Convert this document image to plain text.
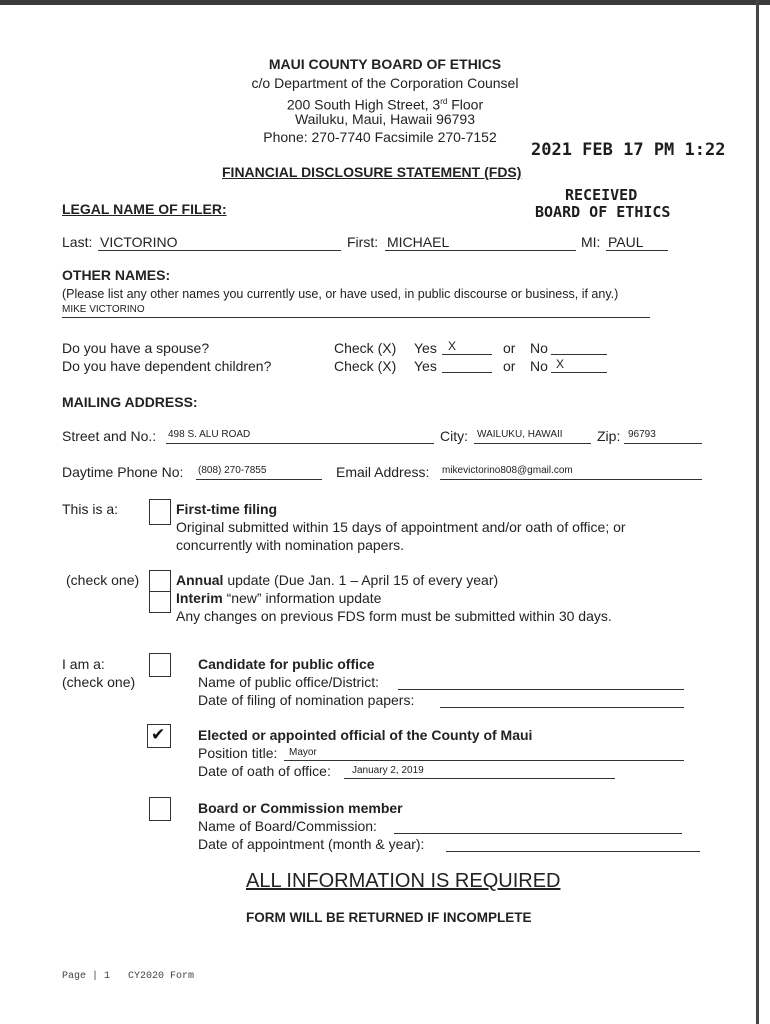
MAUI COUNTY BOARD OF ETHICS
c/o Department of the Corporation Counsel
200 South High Street, 3rd Floor
Wailuku, Maui, Hawaii 96793
Phone: 270-7740 Facsimile 270-7152
2021 FEB 17 PM 1:22
RECEIVED
BOARD OF ETHICS
FINANCIAL DISCLOSURE STATEMENT (FDS)
LEGAL NAME OF FILER:
Last: VICTORINO	First: MICHAEL	MI: PAUL
OTHER NAMES:
(Please list any other names you currently use, or have used, in public discourse or business, if any.)
MIKE VICTORINO
Do you have a spouse?	Check (X) Yes X	or No
Do you have dependent children?	Check (X) Yes	or No X
MAILING ADDRESS:
Street and No.: 498 S. ALU ROAD	City: WAILUKU, HAWAII Zip: 96793
Daytime Phone No: (808) 270-7855	Email Address: mikevictorino808@gmail.com
This is a:	First-time filing
Original submitted within 15 days of appointment and/or oath of office; or
concurrently with nomination papers.
(check one)	Annual update (Due Jan. 1 – April 15 of every year)
Interim “new” information update
Any changes on previous FDS form must be submitted within 30 days.
I am a:
(check one)
Candidate for public office
Name of public office/District:
Date of filing of nomination papers:
✔ Elected or appointed official of the County of Maui
Position title: Mayor
Date of oath of office: January 2, 2019
Board or Commission member
Name of Board/Commission:
Date of appointment (month & year):
ALL INFORMATION IS REQUIRED
FORM WILL BE RETURNED IF INCOMPLETE
Page | 1 CY2020 Form
